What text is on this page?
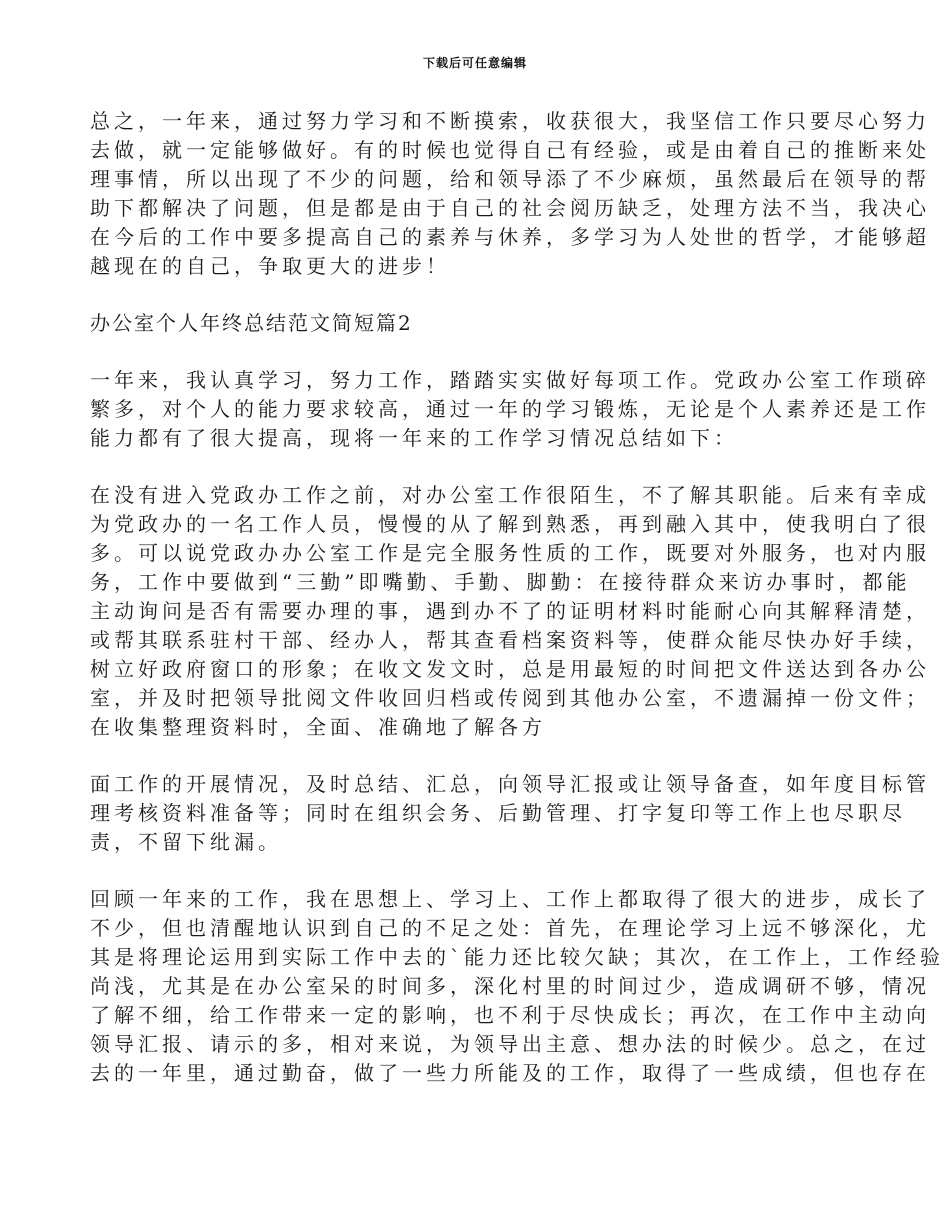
下载后可任意编辑
总之，一年来，通过努力学习和不断摸索，收获很大，我坚信工作只要尽心努力
去做，就一定能够做好。有的时候也觉得自己有经验，或是由着自己的推断来处
理事情，所以出现了不少的问题，给和领导添了不少麻烦，虽然最后在领导的帮
助下都解决了问题，但是都是由于自己的社会阅历缺乏，处理方法不当，我决心
在今后的工作中要多提高自己的素养与休养，多学习为人处世的哲学，才能够超
越现在的自己，争取更大的进步！
办公室个人年终总结范文简短篇2
一年来，我认真学习，努力工作，踏踏实实做好每项工作。党政办公室工作琐碎
繁多，对个人的能力要求较高，通过一年的学习锻炼，无论是个人素养还是工作
能力都有了很大提高，现将一年来的工作学习情况总结如下：
在没有进入党政办工作之前，对办公室工作很陌生，不了解其职能。后来有幸成
为党政办的一名工作人员，慢慢的从了解到熟悉，再到融入其中，使我明白了很
多。可以说党政办办公室工作是完全服务性质的工作，既要对外服务，也对内服
务，工作中要做到“三勤”即嘴勤、手勤、脚勤：在接待群众来访办事时，都能
主动询问是否有需要办理的事，遇到办不了的证明材料时能耐心向其解释清楚，
或帮其联系驻村干部、经办人，帮其查看档案资料等，使群众能尽快办好手续，
树立好政府窗口的形象；在收文发文时，总是用最短的时间把文件送达到各办公
室，并及时把领导批阅文件收回归档或传阅到其他办公室，不遗漏掉一份文件；
在收集整理资料时，全面、准确地了解各方
面工作的开展情况，及时总结、汇总，向领导汇报或让领导备查，如年度目标管
理考核资料准备等；同时在组织会务、后勤管理、打字复印等工作上也尽职尽
责，不留下纰漏。
回顾一年来的工作，我在思想上、学习上、工作上都取得了很大的进步，成长了
不少，但也清醒地认识到自己的不足之处：首先，在理论学习上远不够深化，尤
其是将理论运用到实际工作中去的`能力还比较欠缺；其次，在工作上，工作经验
尚浅，尤其是在办公室呆的时间多，深化村里的时间过少，造成调研不够，情况
了解不细，给工作带来一定的影响，也不利于尽快成长；再次，在工作中主动向
领导汇报、请示的多，相对来说，为领导出主意、想办法的时候少。总之，在过
去的一年里，通过勤奋，做了一些力所能及的工作，取得了一些成绩，但也存在
